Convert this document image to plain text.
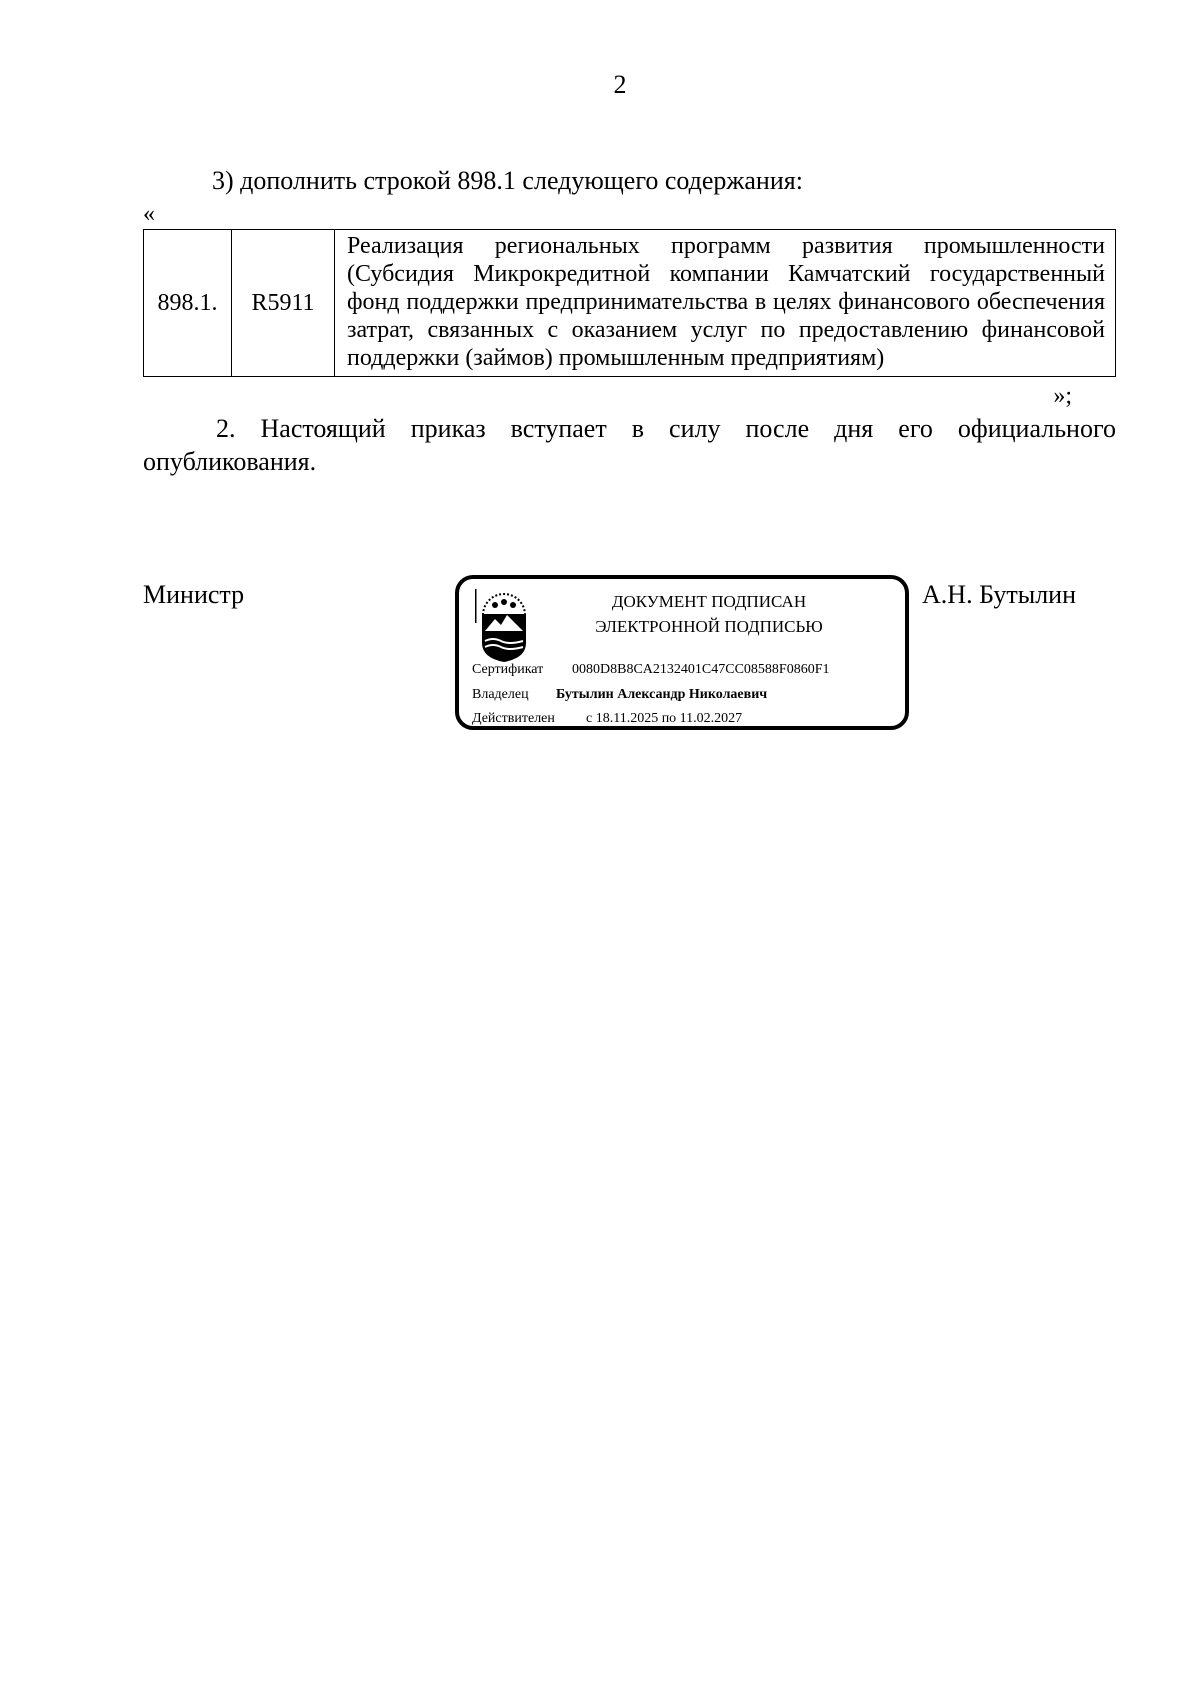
2
3) дополнить строкой 898.1 следующего содержания:
«
898.1.	R5911	Реализация региональных программ развития промышленности (Субсидия Микрокредитной компании Камчатский государственный фонд поддержки предпринимательства в целях финансового обеспечения затрат, связанных с оказанием услуг по предоставлению финансовой поддержки (займов) промышленным предприятиям)
»;
2. Настоящий приказ вступает в силу после дня его официального опубликования.
Министр	ДОКУМЕНТ ПОДПИСАН
ЭЛЕКТРОННОЙ ПОДПИСЬЮ
Сертификат 0080D8B8CA2132401C47CC08588F0860F1
Владелец Бутылин Александр Николаевич
Действителен с 18.11.2025 по 11.02.2027
А.Н. Бутылин
